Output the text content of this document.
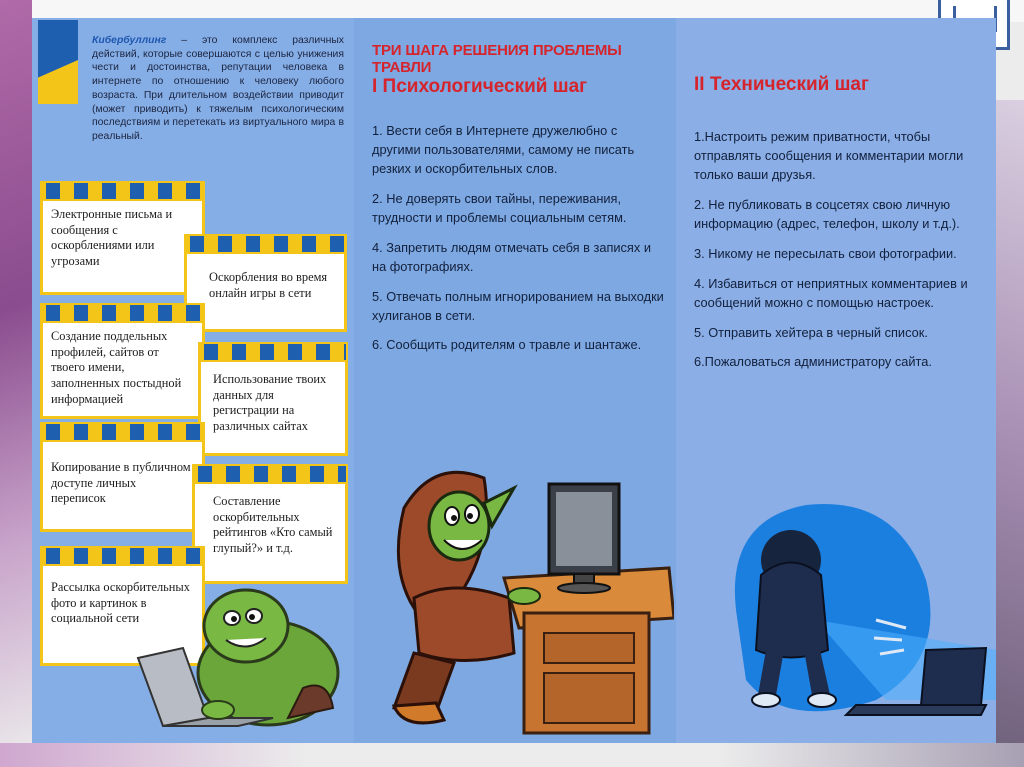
Кибербуллинг – это комплекс различных действий, которые совершаются с целью унижения чести и достоинства, репутации человека в интернете по отношению к человеку любого возраста. При длительном воздействии приводит (может приводить) к тяжелым психологическим последствиям и перетекать из виртуального мира в реальный.
Электронные письма и сообщения с оскорблениями или угрозами
Оскорбления во время онлайн игры в сети
Создание поддельных профилей, сайтов от твоего имени, заполненных постыдной информацией
Использование твоих данных для регистрации на различных сайтах
Копирование в публичном доступе личных переписок	Составление оскорбительных рейтингов «Кто самый глупый?» и т.д.
Рассылка оскорбительных фото и картинок в социальной сети
ТРИ ШАГА РЕШЕНИЯ ПРОБЛЕМЫ ТРАВЛИ
I Психологический шаг

1. Вести себя в Интернете дружелюбно с другими пользователями, самому не писать резких и оскорбительных слов.

2. Не доверять свои тайны, переживания, трудности и проблемы социальным сетям.

4. Запретить людям отмечать себя в записях и на фотографиях.

5. Отвечать полным игнорированием на выходки хулиганов в сети.

6. Сообщить родителям о травле и шантаже.

II Технический шаг

1.Настроить режим приватности, чтобы отправлять сообщения и комментарии могли только ваши друзья.

2. Не публиковать в соцсетях свою личную информацию (адрес, телефон, школу и т.д.).

3. Никому не пересылать свои фотографии.

4. Избавиться от неприятных комментариев и сообщений можно с помощью настроек.

5. Отправить хейтера в черный список.

6.Пожаловаться администратору сайта.
